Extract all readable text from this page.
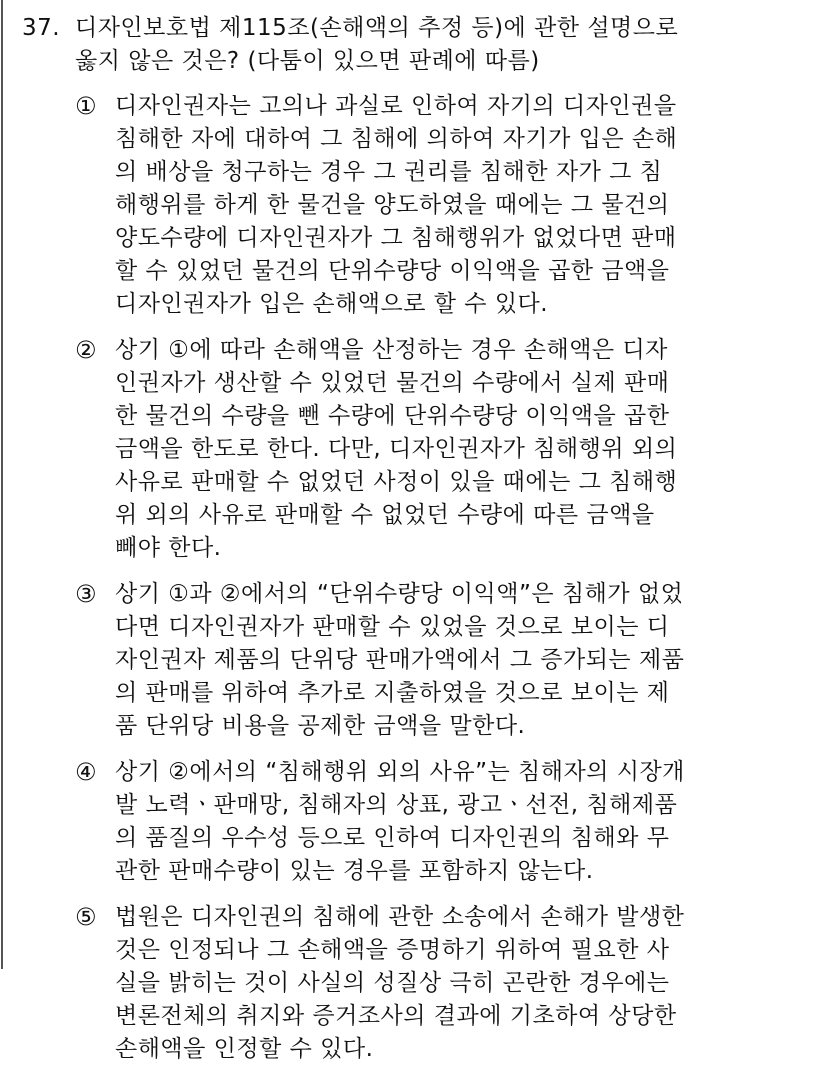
37. 디자인보호법 제115조(손해액의 추정 등)에 관한 설명으로
옳지 않은 것은? (다툼이 있으면 판례에 따름)
① 디자인권자는 고의나 과실로 인하여 자기의 디자인권을
침해한 자에 대하여 그 침해에 의하여 자기가 입은 손해
의 배상을 청구하는 경우 그 권리를 침해한 자가 그 침
해행위를 하게 한 물건을 양도하였을 때에는 그 물건의
양도수량에 디자인권자가 그 침해행위가 없었다면 판매
할 수 있었던 물건의 단위수량당 이익액을 곱한 금액을
디자인권자가 입은 손해액으로 할 수 있다.
② 상기 ①에 따라 손해액을 산정하는 경우 손해액은 디자
인권자가 생산할 수 있었던 물건의 수량에서 실제 판매
한 물건의 수량을 뺀 수량에 단위수량당 이익액을 곱한
금액을 한도로 한다. 다만, 디자인권자가 침해행위 외의
사유로 판매할 수 없었던 사정이 있을 때에는 그 침해행
위 외의 사유로 판매할 수 없었던 수량에 따른 금액을
빼야 한다.
③ 상기 ①과 ②에서의 “단위수량당 이익액”은 침해가 없었
다면 디자인권자가 판매할 수 있었을 것으로 보이는 디
자인권자 제품의 단위당 판매가액에서 그 증가되는 제품
의 판매를 위하여 추가로 지출하였을 것으로 보이는 제
품 단위당 비용을 공제한 금액을 말한다.
④ 상기 ②에서의 “침해행위 외의 사유”는 침해자의 시장개
발 노력ㆍ판매망, 침해자의 상표, 광고ㆍ선전, 침해제품
의 품질의 우수성 등으로 인하여 디자인권의 침해와 무
관한 판매수량이 있는 경우를 포함하지 않는다.
⑤ 법원은 디자인권의 침해에 관한 소송에서 손해가 발생한
것은 인정되나 그 손해액을 증명하기 위하여 필요한 사
실을 밝히는 것이 사실의 성질상 극히 곤란한 경우에는
변론전체의 취지와 증거조사의 결과에 기초하여 상당한
손해액을 인정할 수 있다.
